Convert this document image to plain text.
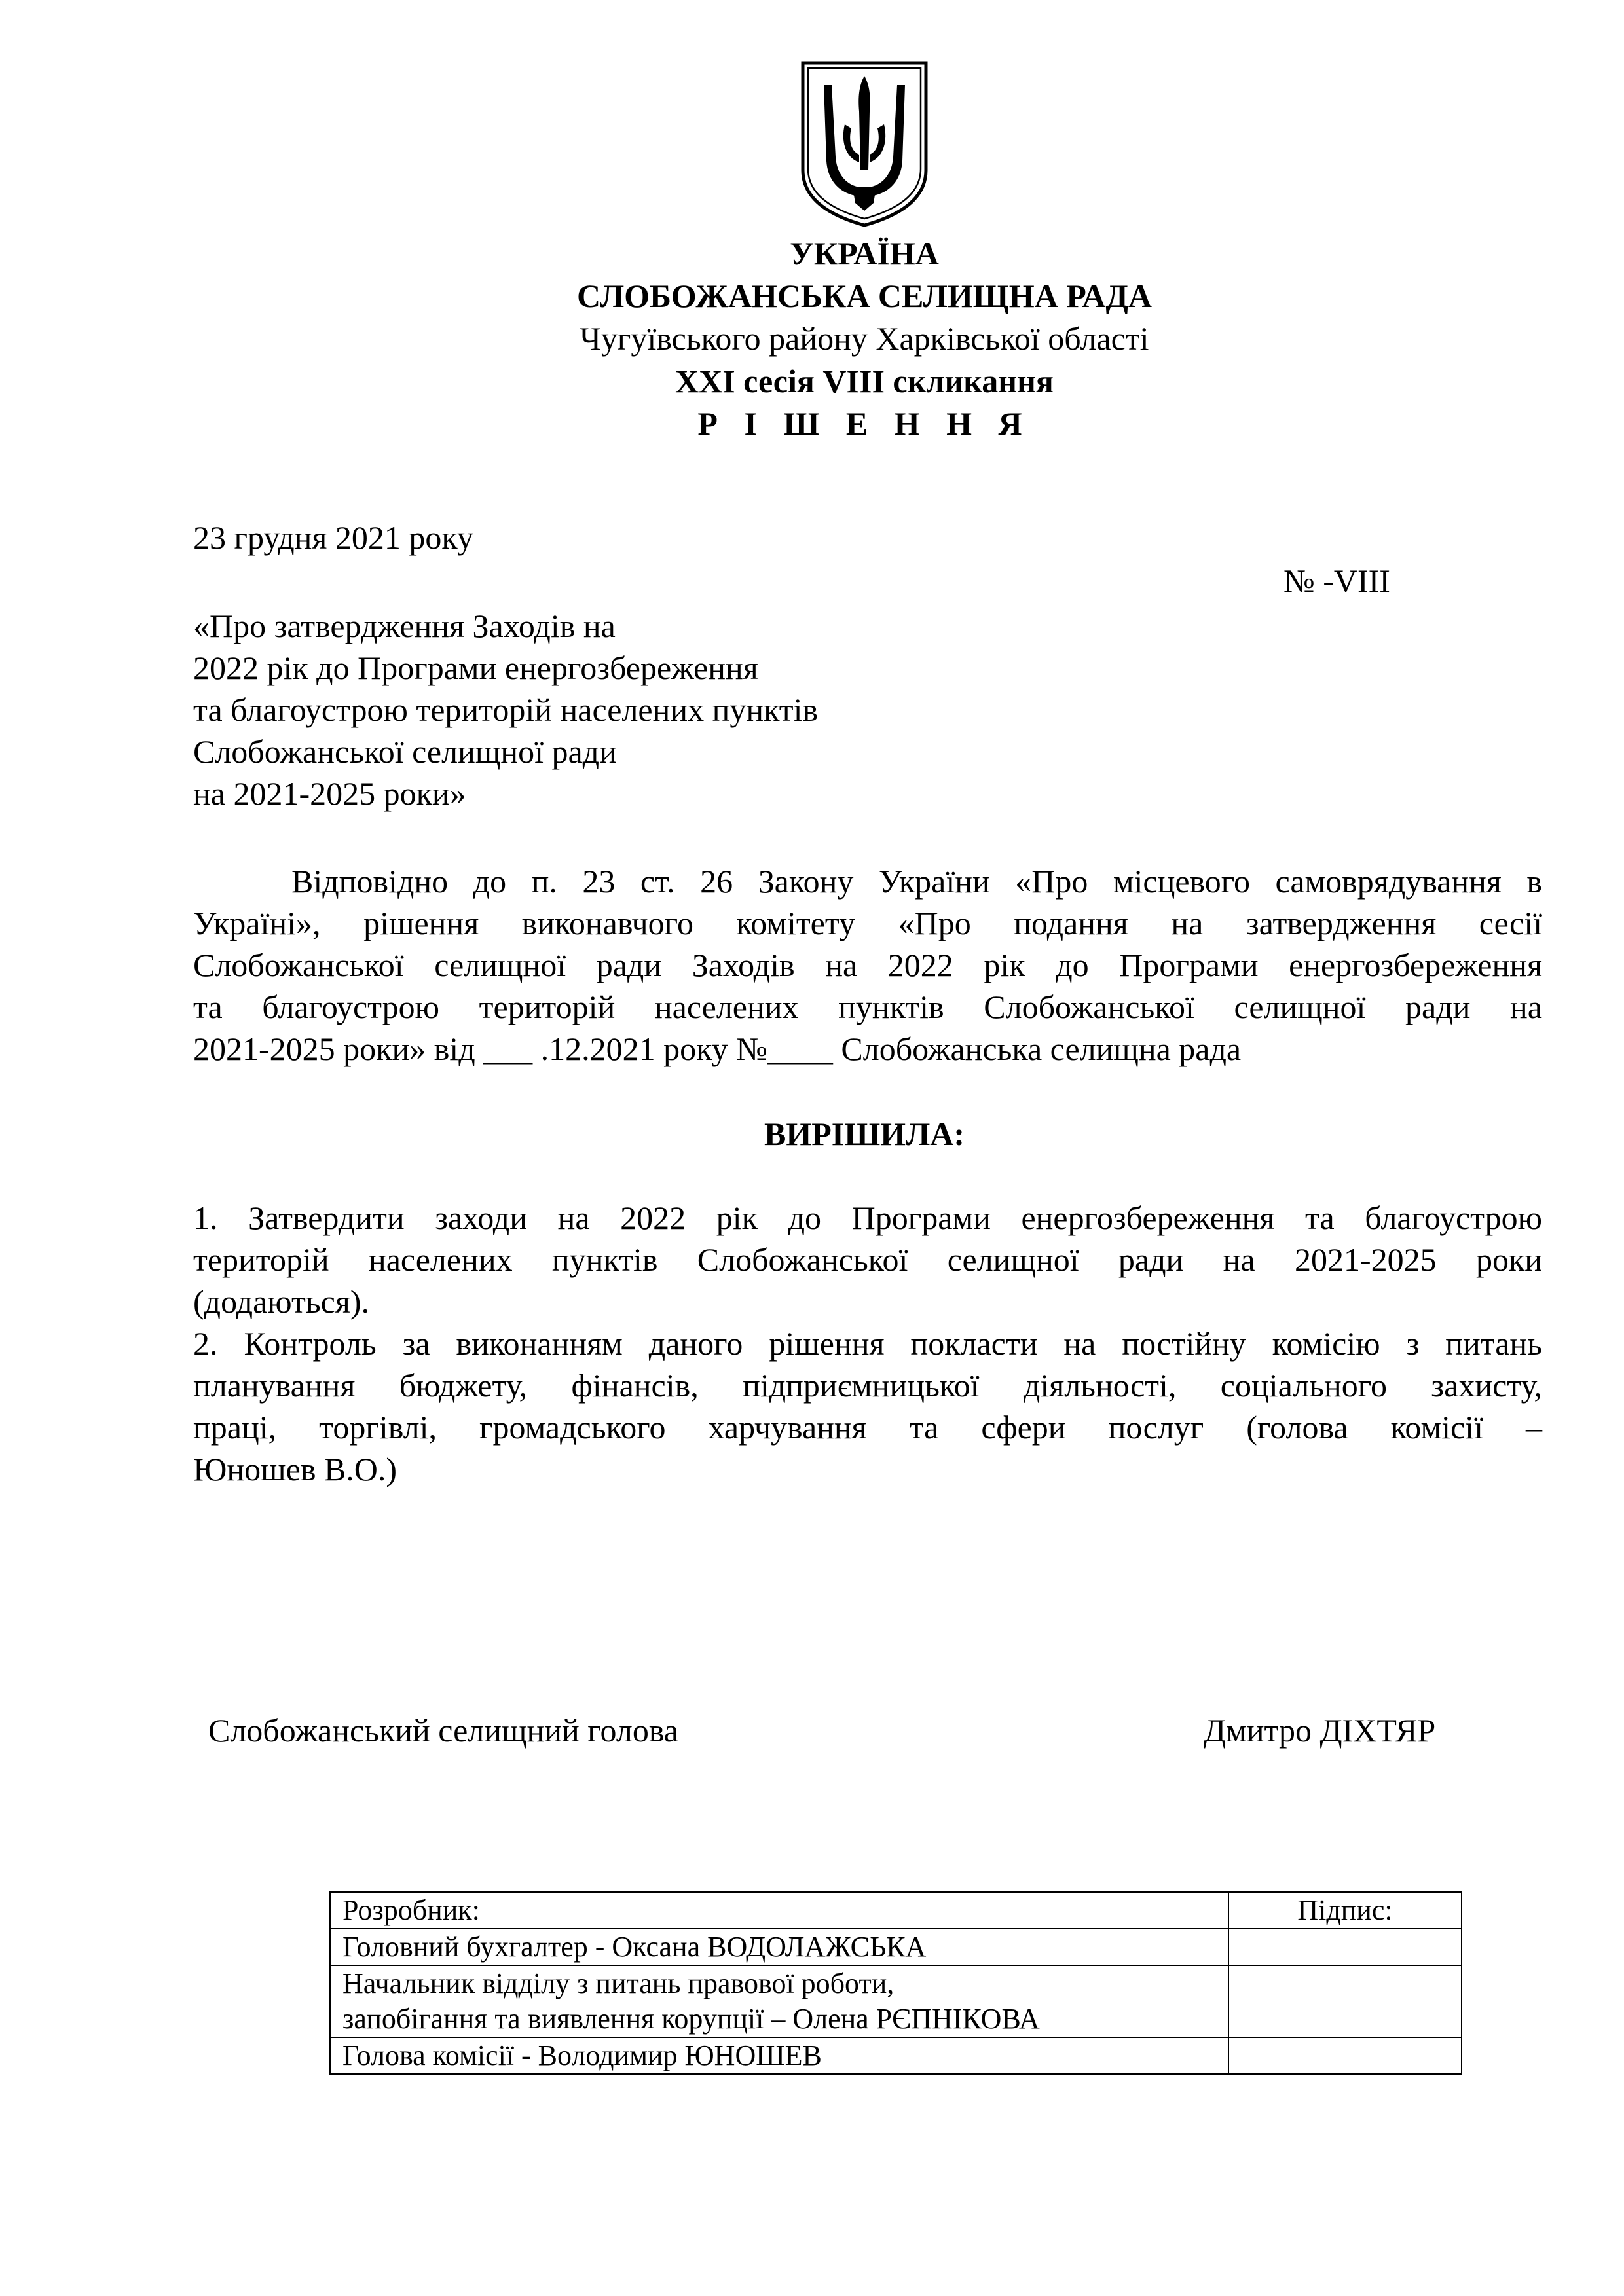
УКРАЇНА
СЛОБОЖАНСЬКА СЕЛИЩНА РАДА
Чугуївського району Харківської області
XXI сесія VIII скликання
Р І Ш Е Н Н Я
23 грудня 2021 року
№ -VIII
«Про затвердження Заходів на
2022 рік до Програми енергозбереження
та благоустрою територій населених пунктів
Слобожанської селищної ради
на 2021-2025 роки»
Відповідно до п. 23 ст. 26 Закону України «Про місцевого самоврядування в
Україні», рішення виконавчого комітету «Про подання на затвердження сесії
Слобожанської селищної ради Заходів на 2022 рік до Програми енергозбереження
та благоустрою територій населених пунктів Слобожанської селищної ради на
2021-2025 роки» від ___ .12.2021 року №____ Слобожанська селищна рада
ВИРІШИЛА:
1. Затвердити заходи на 2022 рік до Програми енергозбереження та благоустрою
територій населених пунктів Слобожанської селищної ради на 2021-2025 роки
(додаються).
2. Контроль за виконанням даного рішення покласти на постійну комісію з питань
планування бюджету, фінансів, підприємницької діяльності, соціального захисту,
праці, торгівлі, громадського харчування та сфери послуг (голова комісії –
Юношев В.О.)
Слобожанський селищний голова	Дмитро ДІХТЯР
Розробник:	Підпис:
Головний бухгалтер - Оксана ВОДОЛАЖСЬКА	

Начальник відділу з питань правової роботи,
запобігання та виявлення корупції – Олена РЄПНІКОВА	

Голова комісії - Володимир ЮНОШЕВ	
